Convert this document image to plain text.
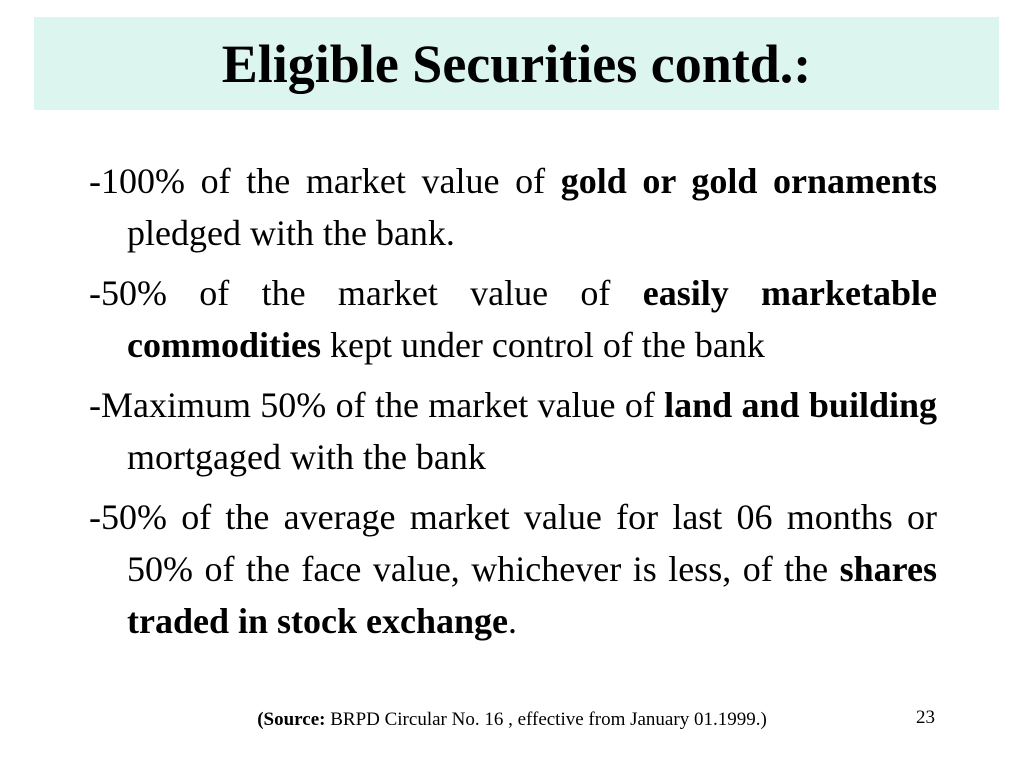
Eligible Securities contd.:

-100% of the market value of gold or gold ornaments pledged with the bank.

-50% of the market value of easily marketable commodities kept under control of the bank

-Maximum 50% of the market value of land and building mortgaged with the bank

-50% of the average market value for last 06 months or 50% of the face value, whichever is less, of the shares traded in stock exchange.

(Source: BRPD Circular No. 16 , effective from January 01.1999.)	23
